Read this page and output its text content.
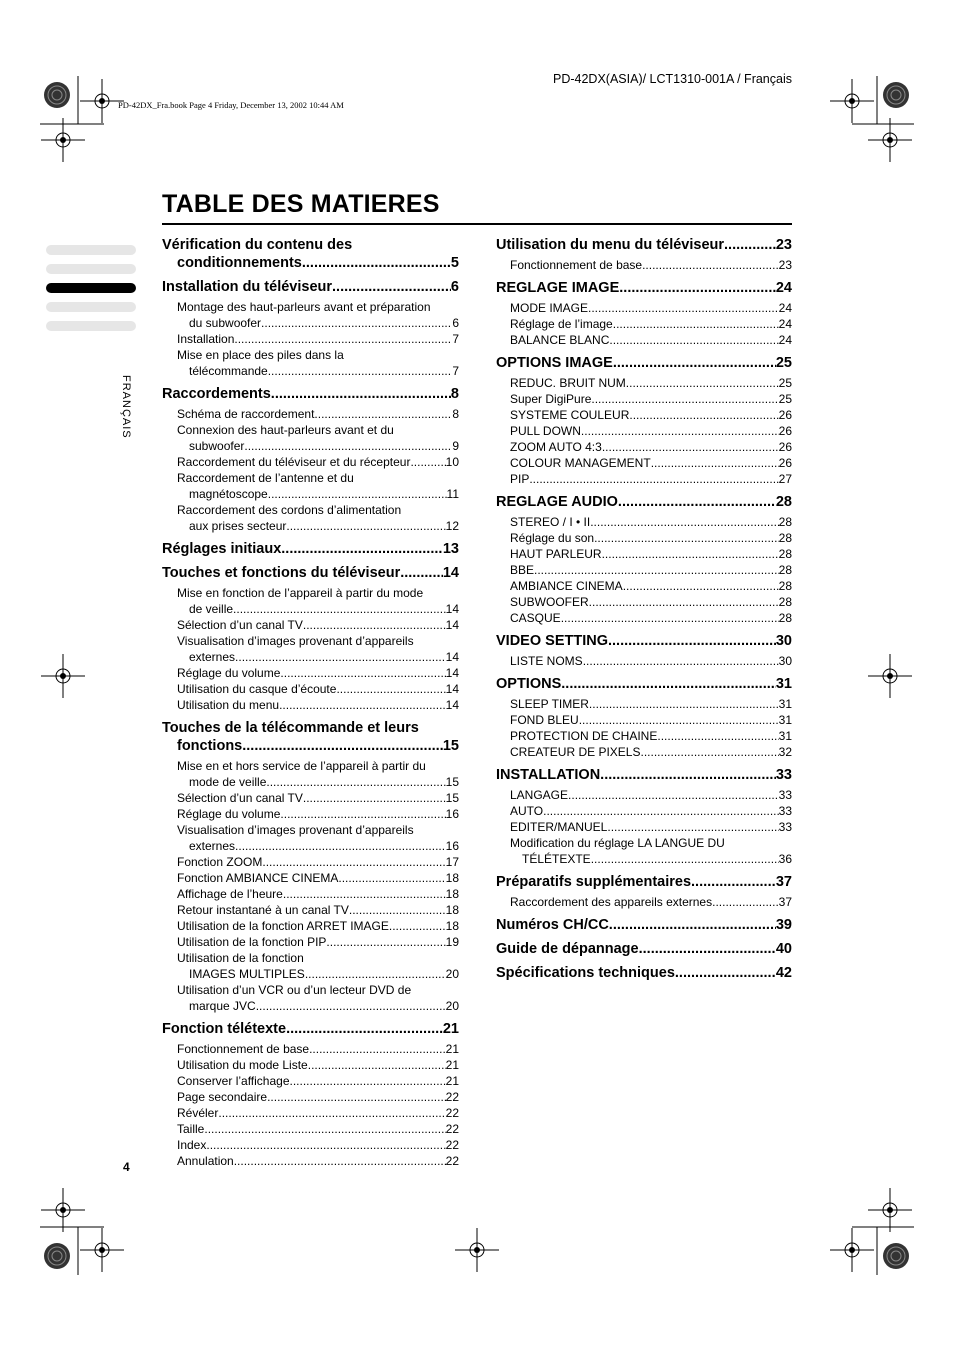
PD-42DX(ASIA)/ LCT1310-001A / Français
PD-42DX_Fra.book Page 4 Friday, December 13, 2002 10:44 AM
TABLE DES MATIERES
FRANÇAIS
Vérification du contenu des
conditionnements .....	5
Installation du téléviseur .....	6
Montage des haut-parleurs avant et préparation
du subwoofer .....	6
Installation .....	7
Mise en place des piles dans la
télécommande .....	7
Raccordements .....	8
Schéma de raccordement .....	8
Connexion des haut-parleurs avant et du
subwoofer .....	9
Raccordement du téléviseur et du récepteur .....	10
Raccordement de l’antenne et du
magnétoscope .....	11
Raccordement des cordons d’alimentation
aux prises secteur .....	12
Réglages initiaux .....	13
Touches et fonctions du téléviseur .....	14
Mise en fonction de l’appareil à partir du mode
de veille .....	14
Sélection d’un canal TV .....	14
Visualisation d’images provenant d’appareils
externes .....	14
Réglage du volume .....	14
Utilisation du casque d’écoute .....	14
Utilisation du menu .....	14
Touches de la télécommande et leurs
fonctions .....	15
Mise en et hors service de l’appareil à partir du
mode de veille .....	15
Sélection d’un canal TV .....	15
Réglage du volume .....	16
Visualisation d’images provenant d’appareils
externes .....	16
Fonction ZOOM .....	17
Fonction AMBIANCE CINEMA .....	18
Affichage de l’heure .....	18
Retour instantané à un canal TV .....	18
Utilisation de la fonction ARRET IMAGE .....	18
Utilisation de la fonction PIP .....	19
Utilisation de la fonction
IMAGES MULTIPLES .....	20
Utilisation d’un VCR ou d’un lecteur DVD de
marque JVC .....	20
Fonction télétexte .....	21
Fonctionnement de base .....	21
Utilisation du mode Liste .....	21
Conserver l’affichage .....	21
Page secondaire .....	22
Révéler .....	22
Taille .....	22
Index .....	22
Annulation .....	22
Utilisation du menu du téléviseur .....	23
Fonctionnement de base .....	23
REGLAGE IMAGE .....	24
MODE IMAGE .....	24
Réglage de l’image .....	24
BALANCE BLANC .....	24
OPTIONS IMAGE .....	25
REDUC. BRUIT NUM. .....	25
Super DigiPure .....	25
SYSTEME COULEUR .....	26
PULL DOWN .....	26
ZOOM AUTO 4:3 .....	26
COLOUR MANAGEMENT .....	26
PIP .....	27
REGLAGE AUDIO .....	28
STEREO / I • II .....	28
Réglage du son .....	28
HAUT PARLEUR .....	28
BBE .....	28
AMBIANCE CINEMA .....	28
SUBWOOFER .....	28
CASQUE .....	28
VIDEO SETTING .....	30
LISTE NOMS .....	30
OPTIONS .....	31
SLEEP TIMER .....	31
FOND BLEU .....	31
PROTECTION DE CHAINE .....	31
CREATEUR DE PIXELS .....	32
INSTALLATION .....	33
LANGAGE .....	33
AUTO .....	33
EDITER/MANUEL .....	33
Modification du réglage LA LANGUE DU
TÉLÉTEXTE .....	36
Préparatifs supplémentaires .....	37
Raccordement des appareils externes .....	37
Numéros CH/CC .....	39
Guide de dépannage .....	40
Spécifications techniques .....	42
4
